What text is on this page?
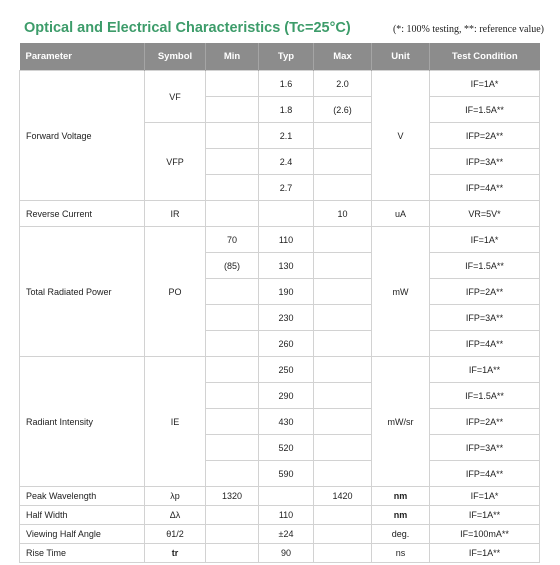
Optical and Electrical Characteristics (Tc=25°C)	(*: 100% testing, **: reference value)
Parameter	Symbol	Min	Typ	Max	Unit	Test Condition
Forward Voltage	VF		1.6	2.0	V	IF=1A*
			1.8	(2.6)		IF=1.5A**
	VFP		2.1			IFP=2A**
			2.4			IFP=3A**
			2.7			IFP=4A**
Reverse Current	IR			10	uA	VR=5V*
Total Radiated Power	PO	70	110		mW	IF=1A*
		(85)	130			IF=1.5A**
			190			IFP=2A**
			230			IFP=3A**
			260			IFP=4A**
Radiant Intensity	IE		250		mW/sr	IF=1A**
			290			IF=1.5A**
			430			IFP=2A**
			520			IFP=3A**
			590			IFP=4A**
Peak Wavelength	λp	1320		1420	nm	IF=1A*
Half Width	Δλ		110		nm	IF=1A**
Viewing Half Angle	θ1/2		±24		deg.	IF=100mA**
Rise Time	tr		90		ns	IF=1A**
